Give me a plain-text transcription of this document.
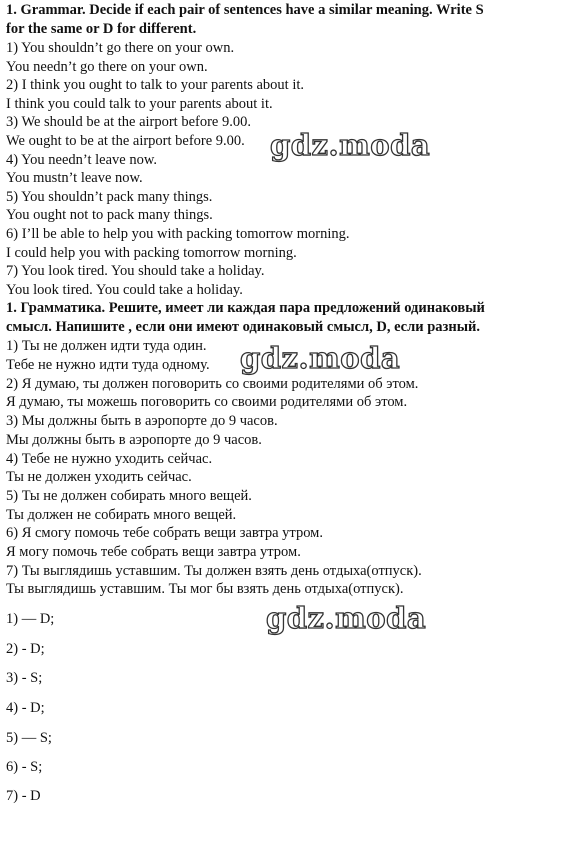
1. Grammar. Decide if each pair of sentences have a similar meaning. Write S

for the same or D for different.

1) You shouldn’t go there on your own.

You needn’t go there on your own.

2) I think you ought to talk to your parents about it.

I think you could talk to your parents about it.

3) We should be at the airport before 9.00.

We ought to be at the airport before 9.00.

4) You needn’t leave now.

You mustn’t leave now.

5) You shouldn’t pack many things.

You ought not to pack many things.

6) I’ll be able to help you with packing tomorrow morning.

I could help you with packing tomorrow morning.

7) You look tired. You should take a holiday.

You look tired. You could take a holiday.

1. Грамматика. Решите, имеет ли каждая пара предложений одинаковый

смысл. Напишите , если они имеют одинаковый смысл, D, если разный.

1) Ты не должен идти туда один.

Тебе не нужно идти туда одному.

2) Я думаю, ты должен поговорить со своими родителями об этом.

Я думаю, ты можешь поговорить со своими родителями об этом.

3) Мы должны быть в аэропорте до 9 часов.

Мы должны быть в аэропорте до 9 часов.

4) Тебе не нужно уходить сейчас.

Ты не должен уходить сейчас.

5) Ты не должен собирать много вещей.

Ты должен не собирать много вещей.

6) Я смогу помочь тебе собрать вещи завтра утром.

Я могу помочь тебе собрать вещи завтра утром.

7) Ты выглядишь уставшим. Ты должен взять день отдыха(отпуск).

Ты выглядишь уставшим. Ты мог бы взять день отдыха(отпуск).

1) — D;
2) - D;
3) - S;
4) - D;
5) — S;
6) - S;
7) - D
gdz.moda
gdz.moda
gdz.moda
